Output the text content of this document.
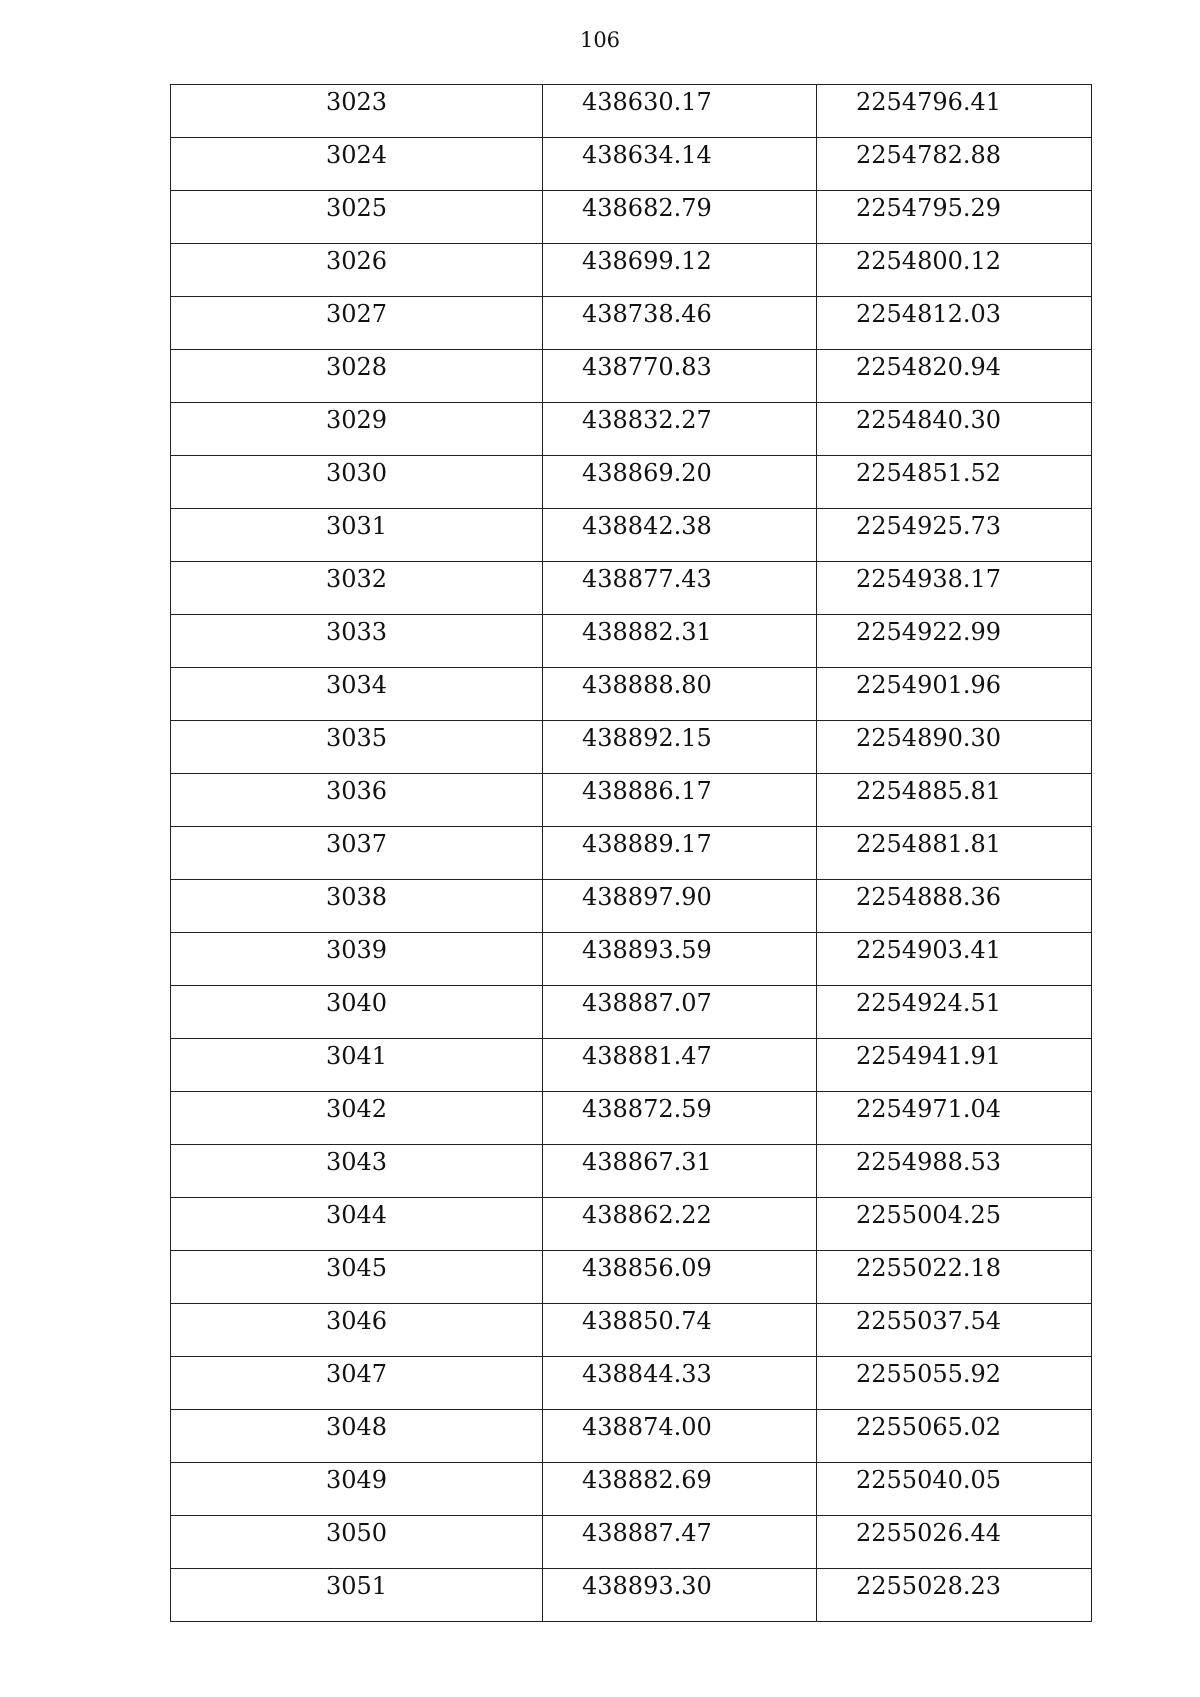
106
3023	438630.17	2254796.41

3024	438634.14	2254782.88

3025	438682.79	2254795.29

3026	438699.12	2254800.12

3027	438738.46	2254812.03

3028	438770.83	2254820.94

3029	438832.27	2254840.30

3030	438869.20	2254851.52

3031	438842.38	2254925.73

3032	438877.43	2254938.17

3033	438882.31	2254922.99

3034	438888.80	2254901.96

3035	438892.15	2254890.30

3036	438886.17	2254885.81

3037	438889.17	2254881.81

3038	438897.90	2254888.36

3039	438893.59	2254903.41

3040	438887.07	2254924.51

3041	438881.47	2254941.91

3042	438872.59	2254971.04

3043	438867.31	2254988.53

3044	438862.22	2255004.25

3045	438856.09	2255022.18

3046	438850.74	2255037.54

3047	438844.33	2255055.92

3048	438874.00	2255065.02

3049	438882.69	2255040.05

3050	438887.47	2255026.44

3051	438893.30	2255028.23
